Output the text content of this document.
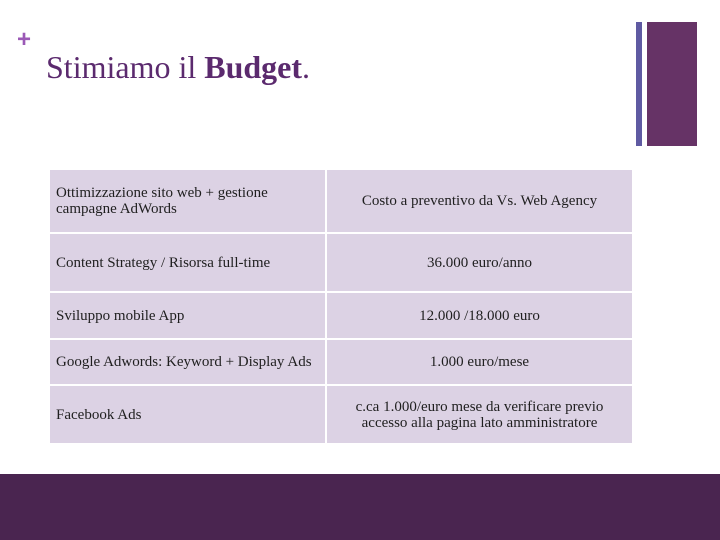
+
Stimiamo il Budget.
Ottimizzazione sito web + gestione campagne AdWords	Costo a preventivo da Vs. Web Agency
Content Strategy / Risorsa full-time	36.000 euro/anno
Sviluppo mobile App	12.000 /18.000 euro
Google Adwords: Keyword + Display Ads	1.000 euro/mese
Facebook Ads	c.ca 1.000/euro mese da verificare previo accesso alla pagina lato amministratore
